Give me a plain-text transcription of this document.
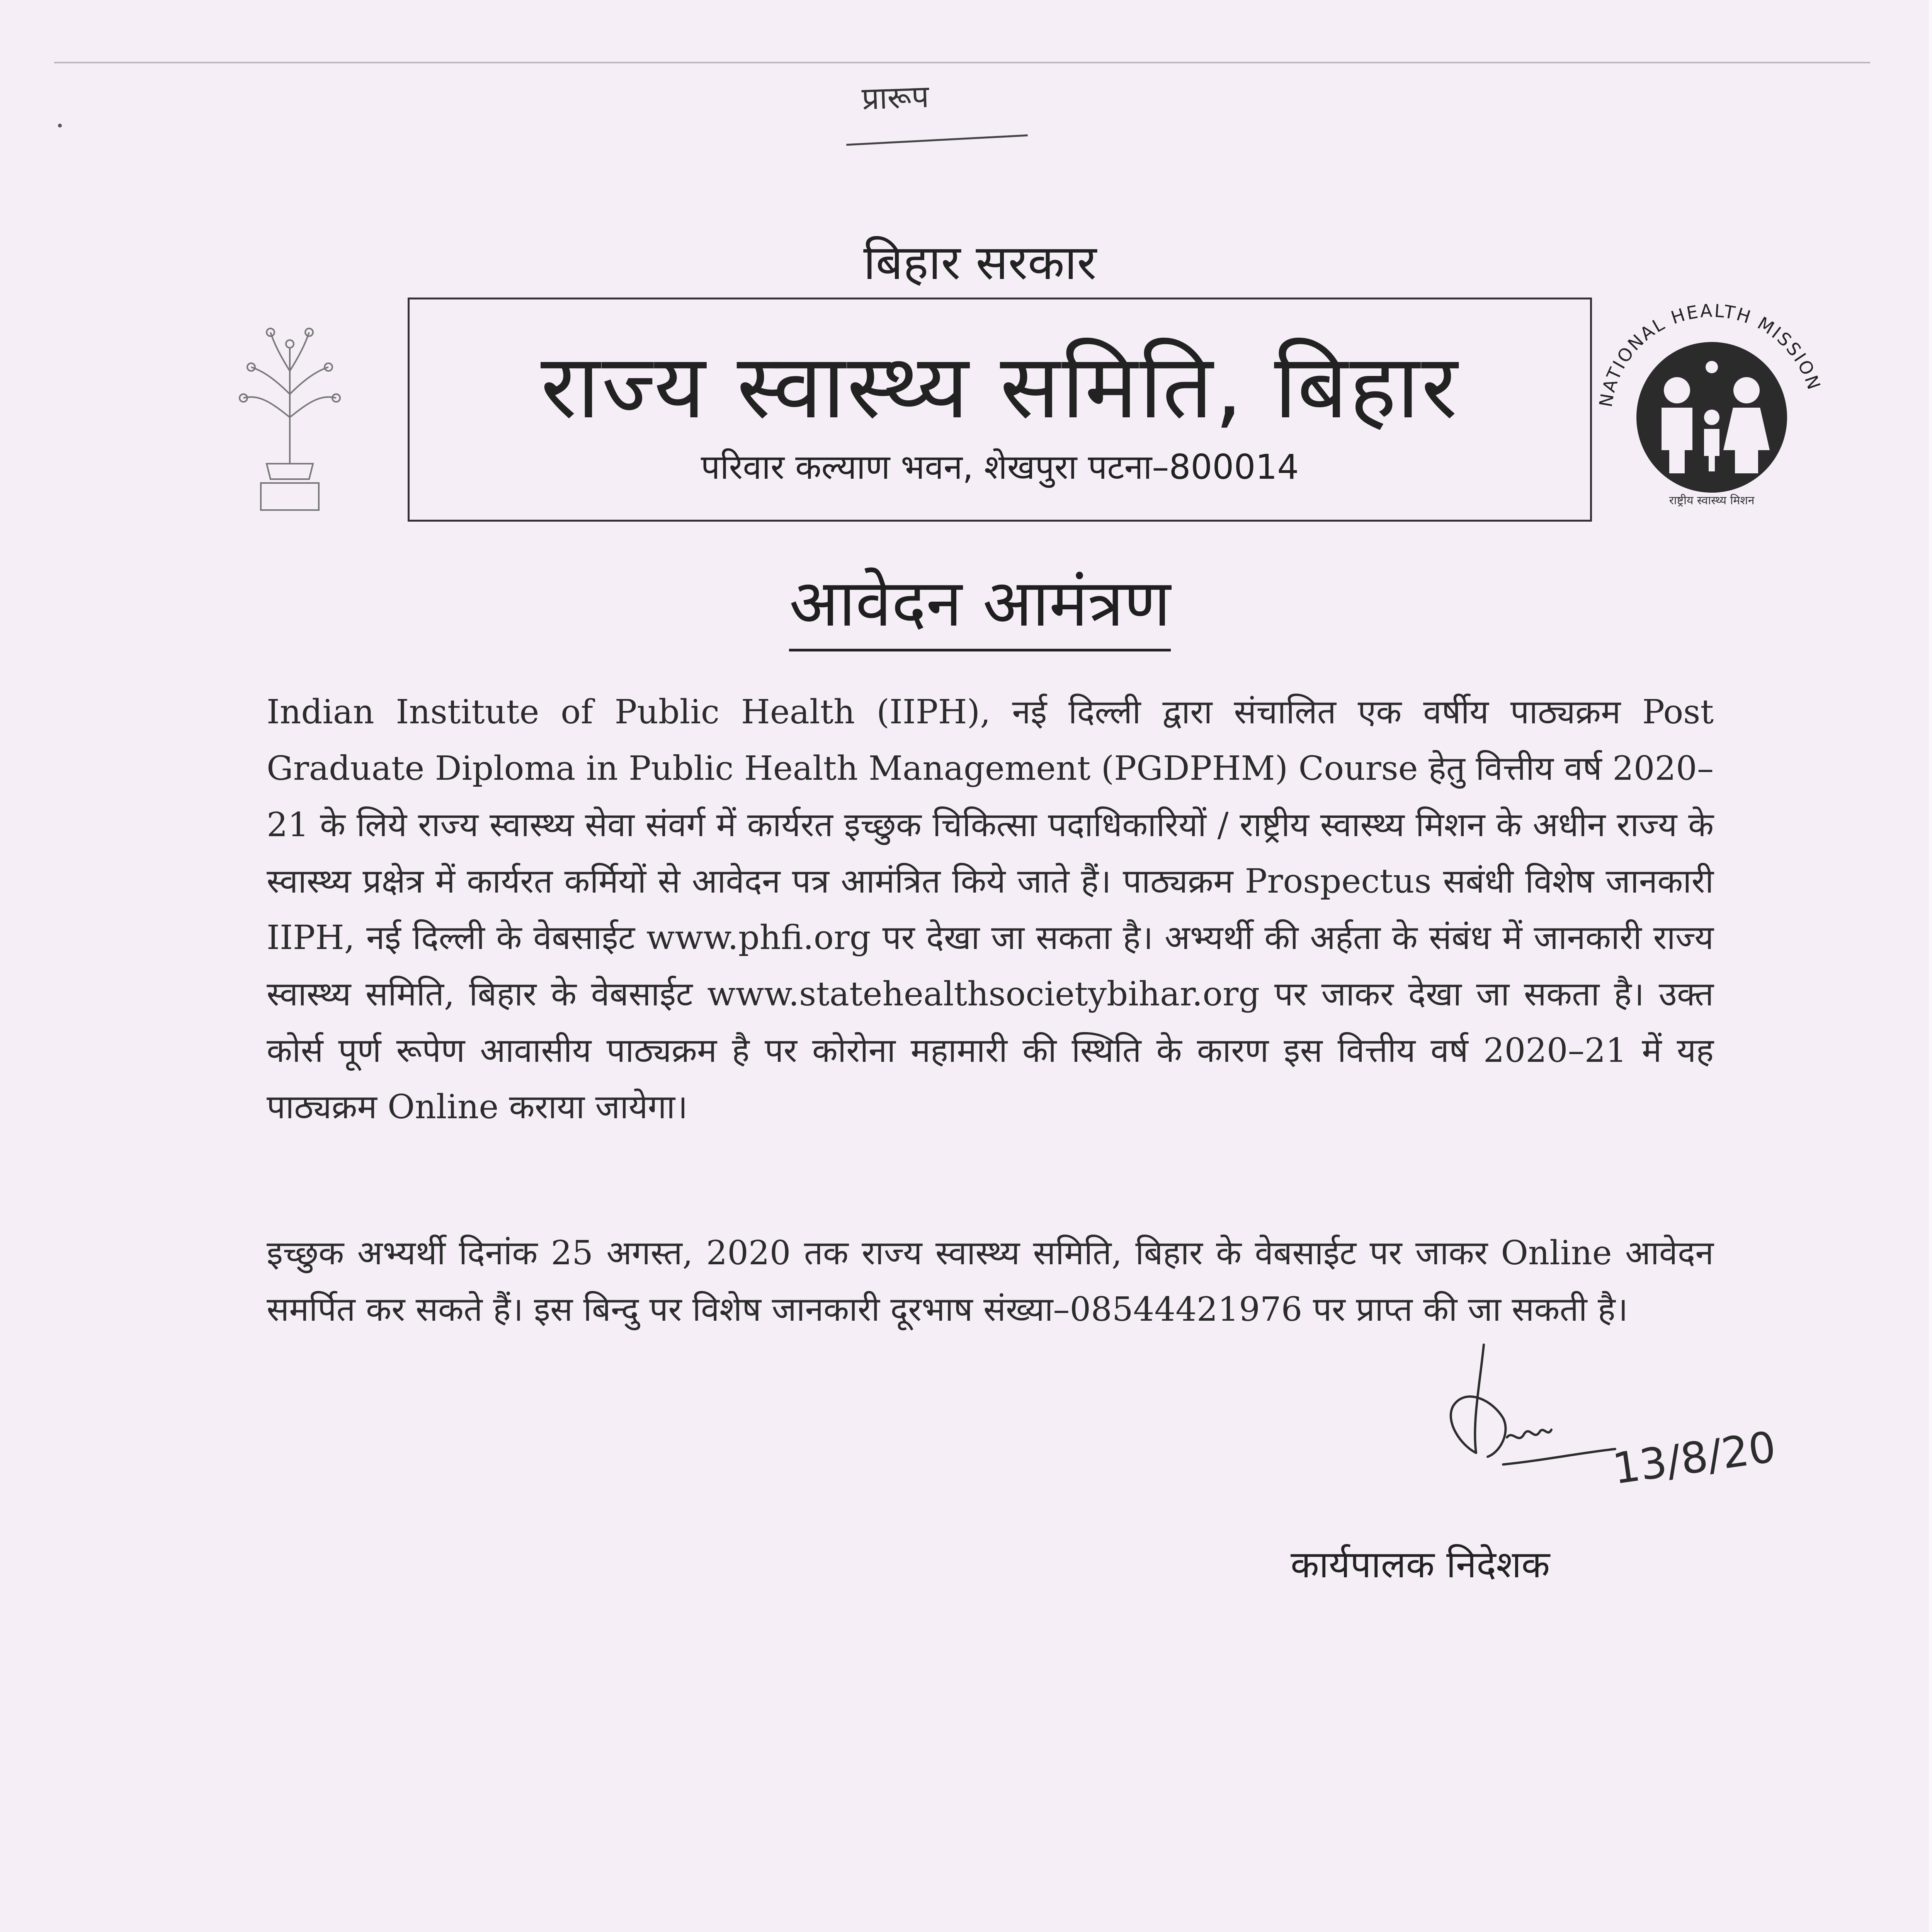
प्रारूप
बिहार सरकार
राज्य स्वास्थ्य समिति, बिहार
परिवार कल्याण भवन, शेखपुरा पटना–800014
NATIONAL HEALTH MISSION
राष्ट्रीय स्वास्थ्य मिशन
आवेदन आमंत्रण
Indian Institute of Public Health (IIPH), नई दिल्ली द्वारा संचालित एक वर्षीय पाठ्यक्रम Post Graduate Diploma in Public Health Management (PGDPHM) Course हेतु वित्तीय वर्ष 2020–21 के लिये राज्य स्वास्थ्य सेवा संवर्ग में कार्यरत इच्छुक चिकित्सा पदाधिकारियों / राष्ट्रीय स्वास्थ्य मिशन के अधीन राज्य के स्वास्थ्य प्रक्षेत्र में कार्यरत कर्मियों से आवेदन पत्र आमंत्रित किये जाते हैं। पाठ्यक्रम Prospectus सबंधी विशेष जानकारी IIPH, नई दिल्ली के वेबसाईट www.phfi.org पर देखा जा सकता है। अभ्यर्थी की अर्हता के संबंध में जानकारी राज्य स्वास्थ्य समिति, बिहार के वेबसाईट www.statehealthsocietybihar.org पर जाकर देखा जा सकता है। उक्त कोर्स पूर्ण रूपेण आवासीय पाठ्यक्रम है पर कोरोना महामारी की स्थिति के कारण इस वित्तीय वर्ष 2020–21 में यह पाठ्यक्रम Online कराया जायेगा।
इच्छुक अभ्यर्थी दिनांक 25 अगस्त, 2020 तक राज्य स्वास्थ्य समिति, बिहार के वेबसाईट पर जाकर Online आवेदन समर्पित कर सकते हैं। इस बिन्दु पर विशेष जानकारी दूरभाष संख्या–08544421976 पर प्राप्त की जा सकती है।
13/8/20
कार्यपालक निदेशक
